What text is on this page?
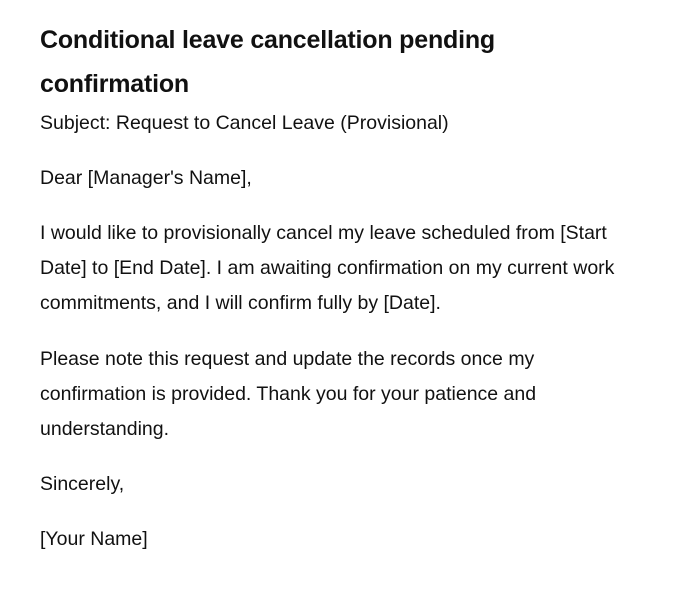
Conditional leave cancellation pending confirmation

Subject: Request to Cancel Leave (Provisional)

Dear [Manager's Name],

I would like to provisionally cancel my leave scheduled from [Start Date] to [End Date]. I am awaiting confirmation on my current work commitments, and I will confirm fully by [Date].

Please note this request and update the records once my confirmation is provided. Thank you for your patience and understanding.

Sincerely,

[Your Name]
